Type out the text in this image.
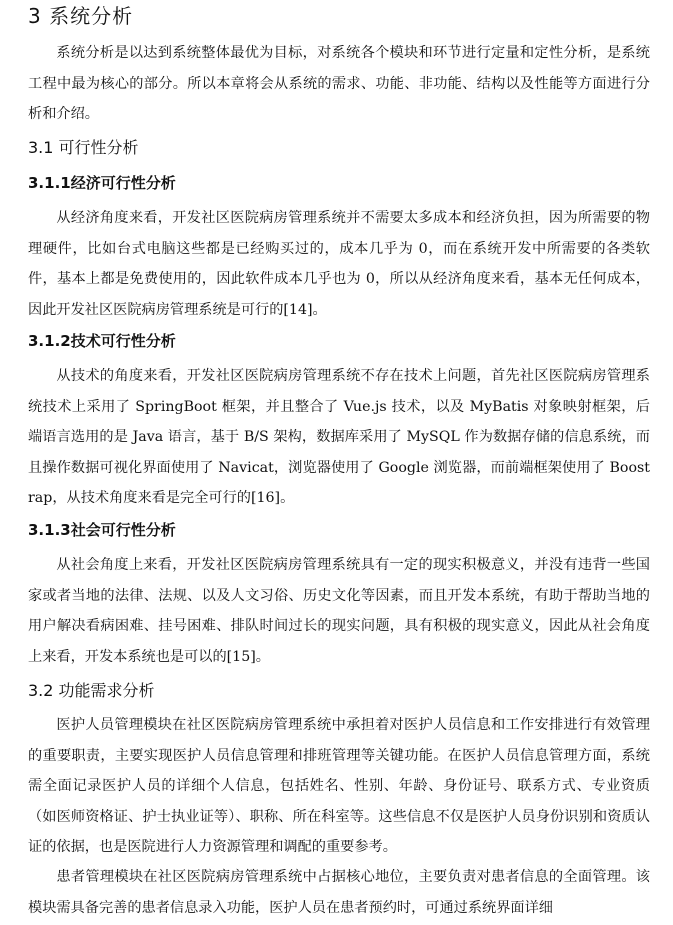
3 系统分析
系统分析是以达到系统整体最优为目标，对系统各个模块和环节进行定量和定性分析，是系统工程中最为核心的部分。所以本章将会从系统的需求、功能、非功能、结构以及性能等方面进行分析和介绍。
3.1 可行性分析
3.1.1经济可行性分析
从经济角度来看，开发社区医院病房管理系统并不需要太多成本和经济负担，因为所需要的物理硬件，比如台式电脑这些都是已经购买过的，成本几乎为 0，而在系统开发中所需要的各类软件，基本上都是免费使用的，因此软件成本几乎也为 0，所以从经济角度来看，基本无任何成本，因此开发社区医院病房管理系统是可行的[14]。
3.1.2技术可行性分析
从技术的角度来看，开发社区医院病房管理系统不存在技术上问题，首先社区医院病房管理系统技术上采用了 SpringBoot 框架，并且整合了 Vue.js 技术，以及 MyBatis 对象映射框架，后端语言选用的是 Java 语言，基于 B/S 架构，数据库采用了 MySQL 作为数据存储的信息系统，而且操作数据可视化界面使用了 Navicat，浏览器使用了 Google 浏览器，而前端框架使用了 Boostrap，从技术角度来看是完全可行的[16]。
3.1.3社会可行性分析
从社会角度上来看，开发社区医院病房管理系统具有一定的现实积极意义，并没有违背一些国家或者当地的法律、法规、以及人文习俗、历史文化等因素，而且开发本系统，有助于帮助当地的用户解决看病困难、挂号困难、排队时间过长的现实问题，具有积极的现实意义，因此从社会角度上来看，开发本系统也是可以的[15]。
3.2 功能需求分析
医护人员管理模块在社区医院病房管理系统中承担着对医护人员信息和工作安排进行有效管理的重要职责，主要实现医护人员信息管理和排班管理等关键功能。在医护人员信息管理方面，系统需全面记录医护人员的详细个人信息，包括姓名、性别、年龄、身份证号、联系方式、专业资质（如医师资格证、护士执业证等）、职称、所在科室等。这些信息不仅是医护人员身份识别和资质认证的依据，也是医院进行人力资源管理和调配的重要参考。
患者管理模块在社区医院病房管理系统中占据核心地位，主要负责对患者信息的全面管理。该模块需具备完善的患者信息录入功能，医护人员在患者预约时，可通过系统界面详细
